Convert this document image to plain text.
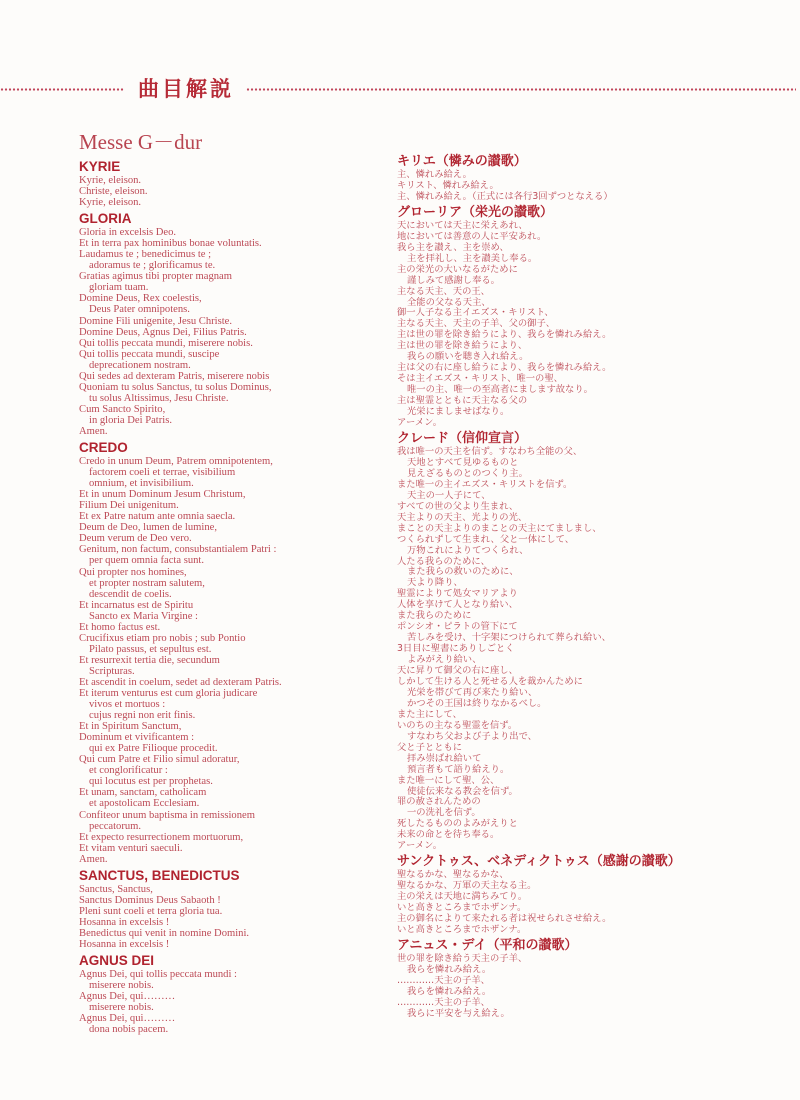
曲目解説
Messe G－dur
KYRIE
Kyrie, eleison.
Christe, eleison.
Kyrie, eleison.
GLORIA
Gloria in excelsis Deo.
Et in terra pax hominibus bonae voluntatis.
Laudamus te ; benedicimus te ;
adoramus te ; glorificamus te.
Gratias agimus tibi propter magnam
gloriam tuam.
Domine Deus, Rex coelestis,
Deus Pater omnipotens.
Domine Fili unigenite, Jesu Christe.
Domine Deus, Agnus Dei, Filius Patris.
Qui tollis peccata mundi, miserere nobis.
Qui tollis peccata mundi, suscipe
deprecationem nostram.
Qui sedes ad dexteram Patris, miserere nobis
Quoniam tu solus Sanctus, tu solus Dominus,
tu solus Altissimus, Jesu Christe.
Cum Sancto Spirito,
in gloria Dei Patris.
Amen.
CREDO
Credo in unum Deum, Patrem omnipotentem,
factorem coeli et terrae, visibilium
omnium, et invisibilium.
Et in unum Dominum Jesum Christum,
Filium Dei unigenitum.
Et ex Patre natum ante omnia saecla.
Deum de Deo, lumen de lumine,
Deum verum de Deo vero.
Genitum, non factum, consubstantialem Patri :
per quem omnia facta sunt.
Qui propter nos homines,
et propter nostram salutem,
descendit de coelis.
Et incarnatus est de Spiritu
Sancto ex Maria Virgine :
Et homo factus est.
Crucifixus etiam pro nobis ; sub Pontio
Pilato passus, et sepultus est.
Et resurrexit tertia die, secundum
Scripturas.
Et ascendit in coelum, sedet ad dexteram Patris.
Et iterum venturus est cum gloria judicare
vivos et mortuos :
cujus regni non erit finis.
Et in Spiritum Sanctum,
Dominum et vivificantem :
qui ex Patre Filioque procedit.
Qui cum Patre et Filio simul adoratur,
et conglorificatur :
qui locutus est per prophetas.
Et unam, sanctam, catholicam
et apostolicam Ecclesiam.
Confiteor unum baptisma in remissionem
peccatorum.
Et expecto resurrectionem mortuorum,
Et vitam venturi saeculi.
Amen.
SANCTUS, BENEDICTUS
Sanctus, Sanctus,
Sanctus Dominus Deus Sabaoth !
Pleni sunt coeli et terra gloria tua.
Hosanna in excelsis !
Benedictus qui venit in nomine Domini.
Hosanna in excelsis !
AGNUS DEI
Agnus Dei, qui tollis peccata mundi :
miserere nobis.
Agnus Dei, qui………
miserere nobis.
Agnus Dei, qui………
dona nobis pacem.
キリエ（憐みの讃歌）
主、憐れみ給え。
キリスト、憐れみ給え。
主、憐れみ給え。（正式には各行3回ずつとなえる）
グローリア（栄光の讃歌）
天においては天主に栄えあれ、
地においては善意の人に平安あれ。
我ら主を讃え、主を崇め、
主を拝礼し、主を讃美し奉る。
主の栄光の大いなるがために
謹しみて感謝し奉る。
主なる天主、天の王、
全能の父なる天主、
御一人子なる主イエズス・キリスト、
主なる天主、天主の子羊、父の御子、
主は世の罪を除き給うにより、我らを憐れみ給え。
主は世の罪を除き給うにより、
我らの願いを聴き入れ給え。
主は父の右に座し給うにより、我らを憐れみ給え。
そは主イエズス・キリスト、唯一の聖、
唯一の主、唯一の至高者にまします故なり。
主は聖霊とともに天主なる父の
光栄にましませばなり。
アーメン。
クレード（信仰宣言）
我は唯一の天主を信ず。すなわち全能の父、
天地とすべて見ゆるものと
見えざるものとのつくり主。
また唯一の主イエズス・キリストを信ず。
天主の一人子にて、
すべての世の父より生まれ、
天主よりの天主、光よりの光、
まことの天主よりのまことの天主にてましまし、
つくられずして生まれ、父と一体にして、
万物これによりてつくられ、
人たる我らのために、
また我らの救いのために、
天より降り、
聖霊によりて処女マリアより
人体を享けて人となり給い、
また我らのために
ポンシオ・ピラトの管下にて
苦しみを受け、十字架につけられて葬られ給い、
3日目に聖書にありしごとく
よみがえり給い、
天に昇りて御父の右に座し、
しかして生ける人と死せる人を裁かんために
光栄を帯びて再び来たり給い、
かつその王国は終りなかるべし。
また主にして、
いのちの主なる聖霊を信ず。
すなわち父および子より出で、
父と子とともに
拝み崇ばれ給いて
預言者もて語り給えり。
また唯一にして聖、公、
使徒伝来なる教会を信ず。
罪の赦されんための
一の洗礼を信ず。
死したるもののよみがえりと
未来の命とを待ち奉る。
アーメン。
サンクトゥス、ベネディクトゥス（感謝の讃歌）
聖なるかな、聖なるかな、
聖なるかな、万軍の天主なる主。
主の栄えは天地に満ちみてり。
いと高きところまでホザンナ。
主の御名によりて来たれる者は祝せられさせ給え。
いと高きところまでホザンナ。
アニュス・デイ（平和の讃歌）
世の罪を除き給う天主の子羊、
我らを憐れみ給え。
…………天主の子羊、
我らを憐れみ給え。
…………天主の子羊、
我らに平安を与え給え。
